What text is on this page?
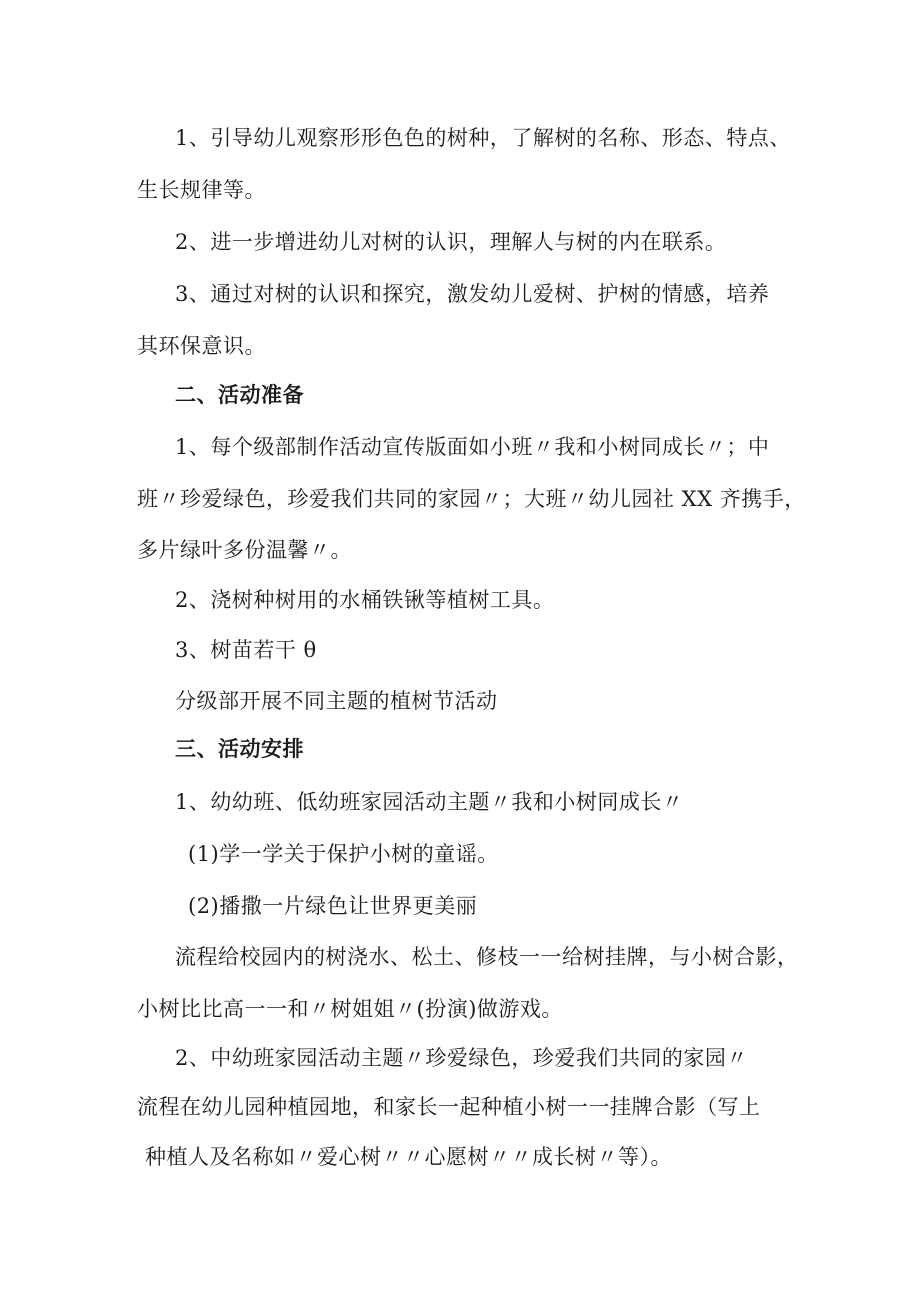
1、引导幼儿观察形形色色的树种，了解树的名称、形态、特点、
生长规律等。
2、进一步增进幼儿对树的认识，理解人与树的内在联系。
3、通过对树的认识和探究，激发幼儿爱树、护树的情感，培养
其环保意识。
二、活动准备
1、每个级部制作活动宣传版面如小班〃我和小树同成长〃；中
班〃珍爱绿色，珍爱我们共同的家园〃；大班〃幼儿园社 XX 齐携手，
多片绿叶多份温馨〃。
2、浇树种树用的水桶铁锹等植树工具。
3、树苗若干 θ
分级部开展不同主题的植树节活动
三、活动安排
1、幼幼班、低幼班家园活动主题〃我和小树同成长〃
(1)学一学关于保护小树的童谣。
(2)播撒一片绿色让世界更美丽
流程给校园内的树浇水、松土、修枝一一给树挂牌，与小树合影，
小树比比高一一和〃树姐姐〃(扮演)做游戏。
2、中幼班家园活动主题〃珍爱绿色，珍爱我们共同的家园〃
流程在幼儿园种植园地，和家长一起种植小树一一挂牌合影（写上
种植人及名称如〃爱心树〃〃心愿树〃〃成长树〃等）。
